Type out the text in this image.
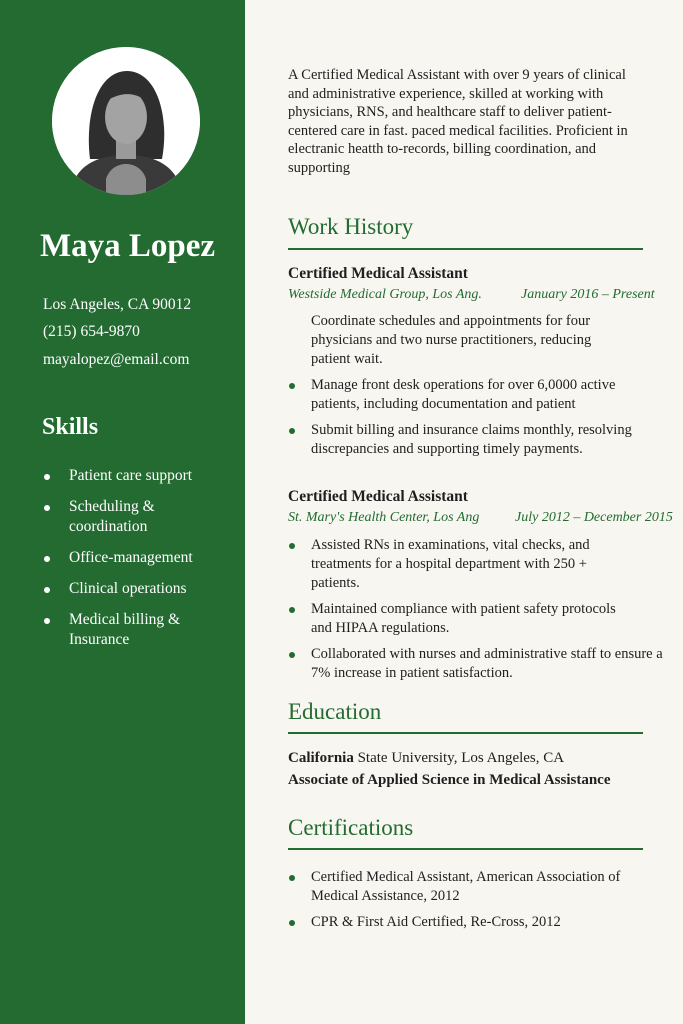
Maya Lopez
Los Angeles, CA 90012
(215) 654-9870
mayalopez@email.com
Skills
Patient care support
Scheduling & coordination
Office-management
Clinical operations
Medical billing & Insurance

A Certified Medical Assistant with over 9 years of clinical and administrative experience, skilled at working with physicians, RNS, and healthcare staff to deliver patient-centered care in fast. paced medical facilities. Proficient in electranic heatth to-records, billing coordination, and supporting

Work History
Certified Medical Assistant
Westside Medical Group, Los Ang.	January 2016 – Present
Coordinate schedules and appointments for four physicians and two nurse practitioners, reducing patient wait.
Manage front desk operations for over 6,0000 active patients, including documentation and patient
Submit billing and insurance claims monthly, resolving discrepancies and supporting timely payments.
Certified Medical Assistant
St. Mary's Health Center, Los Ang	July 2012 – December 2015
Assisted RNs in examinations, vital checks, and treatments for a hospital department with 250 + patients.
Maintained compliance with patient safety protocols and HIPAA regulations.
Collaborated with nurses and administrative staff to ensure a 7% increase in patient satisfaction.
Education
California State University, Los Angeles, CA
Associate of Applied Science in Medical Assistance
Certifications
Certified Medical Assistant, American Association of Medical Assistance, 2012
CPR & First Aid Certified, Re-Cross, 2012
